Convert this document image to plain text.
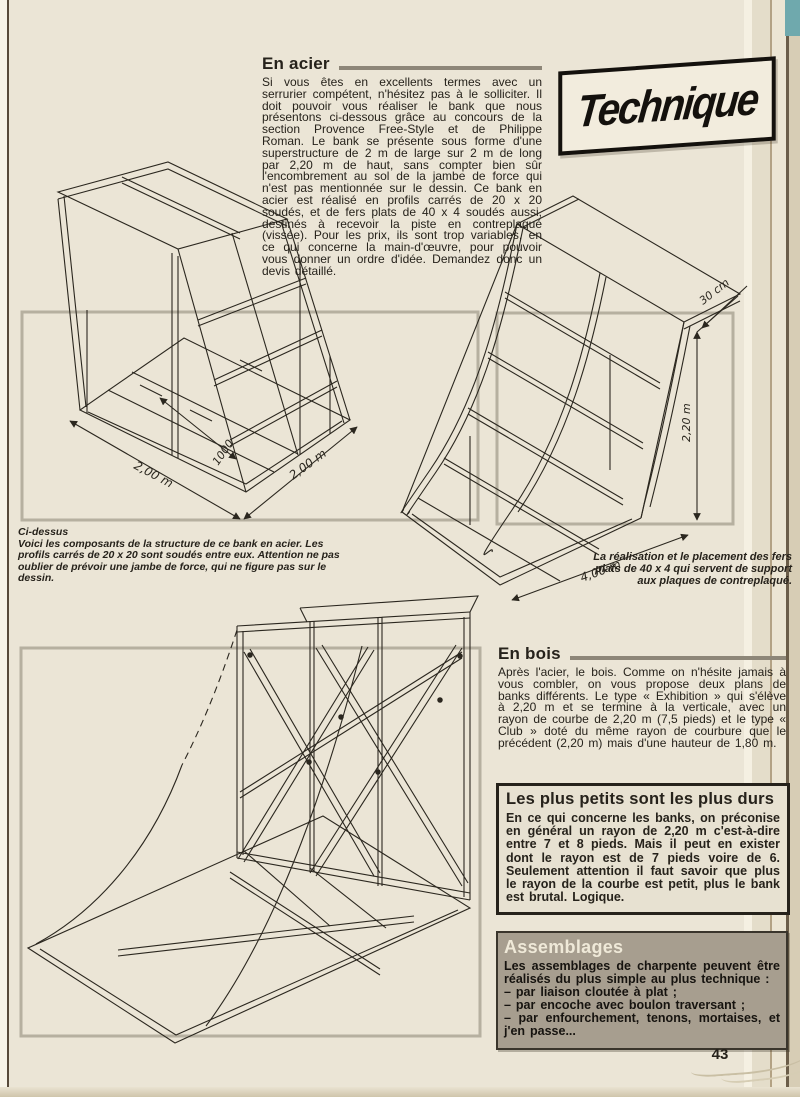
2,00 m
1000	2,00 m
30 cm
2,20 m
4,00 m
Technique
En acier

Si vous êtes en excellents termes avec un serrurier compétent, n'hésitez pas à le solliciter. Il doit pouvoir vous réaliser le bank que nous présentons ci-dessous grâce au concours de la section Provence Free-Style et de Philippe Roman. Le bank se présente sous forme d'une superstructure de 2 m de large sur 2 m de long par 2,20 m de haut, sans compter bien sûr l'encombrement au sol de la jambe de force qui n'est pas mentionnée sur le dessin. Ce bank en acier est réalisé en profils carrés de 20 x 20 soudés, et de fers plats de 40 x 4 soudés aussi, destinés à recevoir la piste en contreplaqué (vissée). Pour les prix, ils sont trop variables, en ce qui concerne la main-d'œuvre, pour pouvoir vous donner un ordre d'idée. Demandez donc un devis détaillé.

Ci-dessus
Voici les composants de la structure de ce bank en acier. Les profils carrés de 20 x 20 sont soudés entre eux. Attention ne pas oublier de prévoir une jambe de force, qui ne figure pas sur le dessin.
La réalisation et le placement des fers plats de 40 x 4 qui servent de support aux plaques de contreplaqué.
En bois

Après l'acier, le bois. Comme on n'hésite jamais à vous combler, on vous propose deux plans de banks différents. Le type « Exhibition » qui s'élève à 2,20 m et se termine à la verticale, avec un rayon de courbe de 2,20 m (7,5 pieds) et le type « Club » doté du même rayon de courbure que le précédent (2,20 m) mais d'une hauteur de 1,80 m.

Les plus petits sont les plus durs

En ce qui concerne les banks, on préconise en général un rayon de 2,20 m c'est-à-dire entre 7 et 8 pieds. Mais il peut en exister dont le rayon est de 7 pieds voire de 6. Seulement attention il faut savoir que plus le rayon de la courbe est petit, plus le bank est brutal. Logique.

Assemblages

Les assemblages de charpente peuvent être réalisés du plus simple au plus technique :
– par liaison cloutée à plat ;
– par encoche avec boulon traversant ;
– par enfourchement, tenons, mortaises, et j'en passe...

43
